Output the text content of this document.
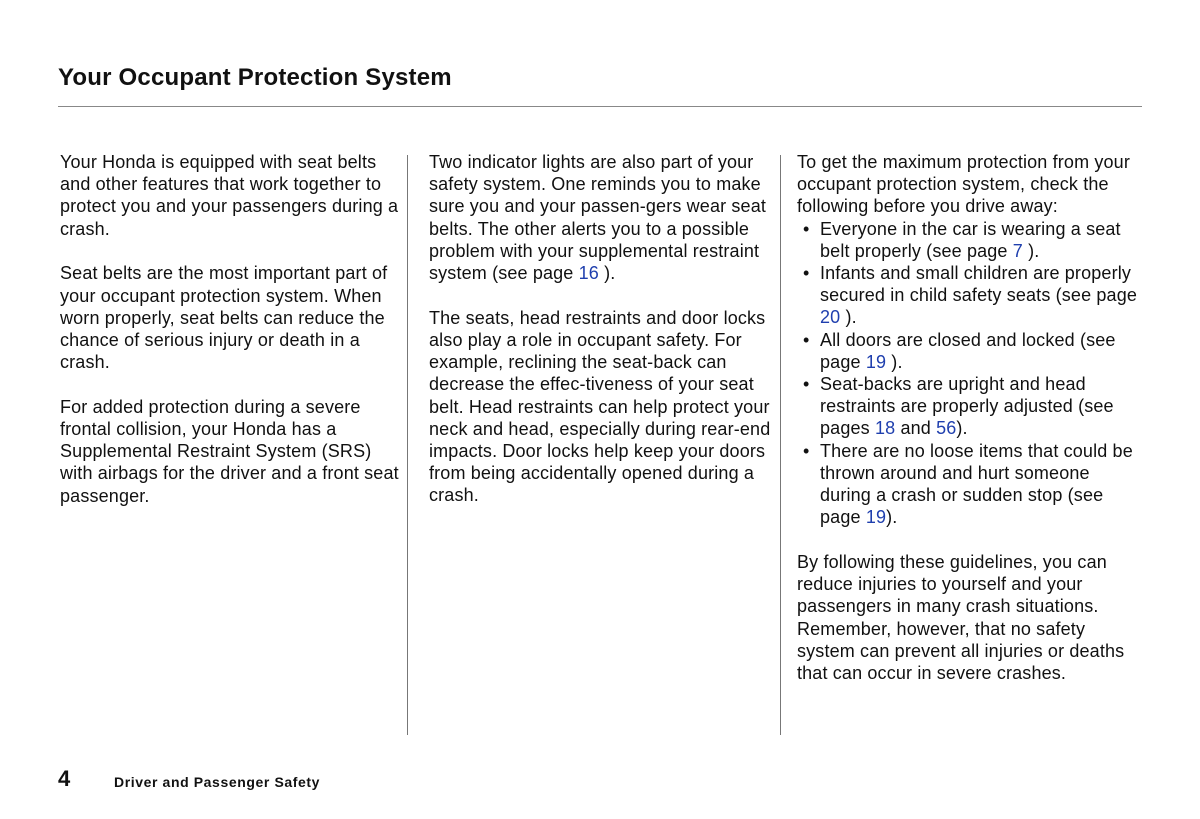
Your Occupant Protection System

Your Honda is equipped with seat belts and other features that work together to protect you and your passengers during a crash.

Seat belts are the most important part of your occupant protection system. When worn properly, seat belts can reduce the chance of serious injury or death in a crash.

For added protection during a severe frontal collision, your Honda has a Supplemental Restraint System (SRS) with airbags for the driver and a front seat passenger.

Two indicator lights are also part of your safety system. One reminds you to make sure you and your passen-gers wear seat belts. The other alerts you to a possible problem with your supplemental restraint system (see page 16 ).

The seats, head restraints and door locks also play a role in occupant safety. For example, reclining the seat-back can decrease the effec-tiveness of your seat belt. Head restraints can help protect your neck and head, especially during rear-end impacts. Door locks help keep your doors from being accidentally opened during a crash.

To get the maximum protection from your occupant protection system, check the following before you drive away:

• Everyone in the car is wearing a seat belt properly (see page 7 ).
• Infants and small children are properly secured in child safety seats (see page 20 ).
• All doors are closed and locked (see page 19 ).
• Seat-backs are upright and head restraints are properly adjusted (see pages 18 and 56).
• There are no loose items that could be thrown around and hurt someone during a crash or sudden stop (see page 19).

By following these guidelines, you can reduce injuries to yourself and your passengers in many crash situations. Remember, however, that no safety system can prevent all injuries or deaths that can occur in severe crashes.

4	Driver and Passenger Safety
